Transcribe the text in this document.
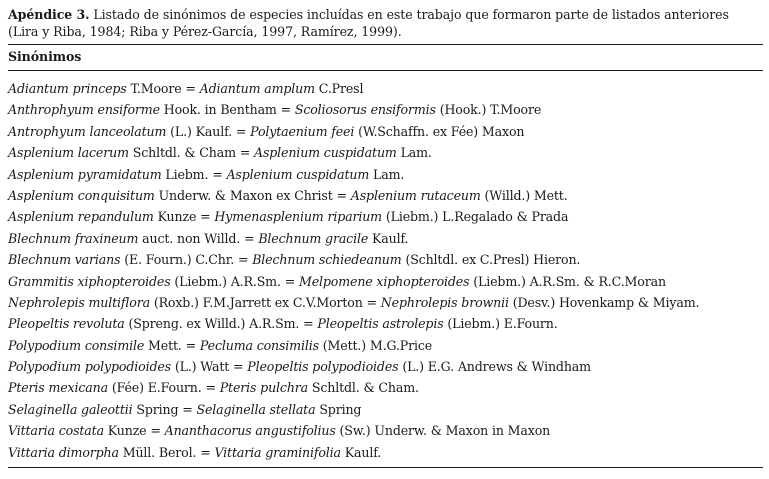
Apéndice 3. Listado de sinónimos de especies incluídas en este trabajo que formaron parte de listados anteriores (Lira y Riba, 1984; Riba y Pérez-García, 1997, Ramírez, 1999).
Sinónimos
Adiantum princeps T.Moore = Adiantum amplum C.Presl
Anthrophyum ensiforme Hook. in Bentham = Scoliosorus ensiformis (Hook.) T.Moore
Antrophyum lanceolatum (L.) Kaulf. = Polytaenium feei (W.Schaffn. ex Fée) Maxon
Asplenium lacerum Schltdl. & Cham = Asplenium cuspidatum Lam.
Asplenium pyramidatum Liebm. = Asplenium cuspidatum Lam.
Asplenium conquisitum Underw. & Maxon ex Christ = Asplenium rutaceum (Willd.) Mett.
Asplenium repandulum Kunze = Hymenasplenium riparium (Liebm.) L.Regalado & Prada
Blechnum fraxineum auct. non Willd. = Blechnum gracile Kaulf.
Blechnum varians (E. Fourn.) C.Chr. = Blechnum schiedeanum (Schltdl. ex C.Presl) Hieron.
Grammitis xiphopteroides (Liebm.) A.R.Sm. = Melpomene xiphopteroides (Liebm.) A.R.Sm. & R.C.Moran
Nephrolepis multiflora (Roxb.) F.M.Jarrett ex C.V.Morton = Nephrolepis brownii (Desv.) Hovenkamp & Miyam.
Pleopeltis revoluta (Spreng. ex Willd.) A.R.Sm. = Pleopeltis astrolepis (Liebm.) E.Fourn.
Polypodium consimile Mett. = Pecluma consimilis (Mett.) M.G.Price
Polypodium polypodioides (L.) Watt = Pleopeltis polypodioides (L.) E.G. Andrews & Windham
Pteris mexicana (Fée) E.Fourn. = Pteris pulchra Schltdl. & Cham.
Selaginella galeottii Spring = Selaginella stellata Spring
Vittaria costata Kunze = Ananthacorus angustifolius (Sw.) Underw. & Maxon in Maxon
Vittaria dimorpha Müll. Berol. = Vittaria graminifolia Kaulf.
